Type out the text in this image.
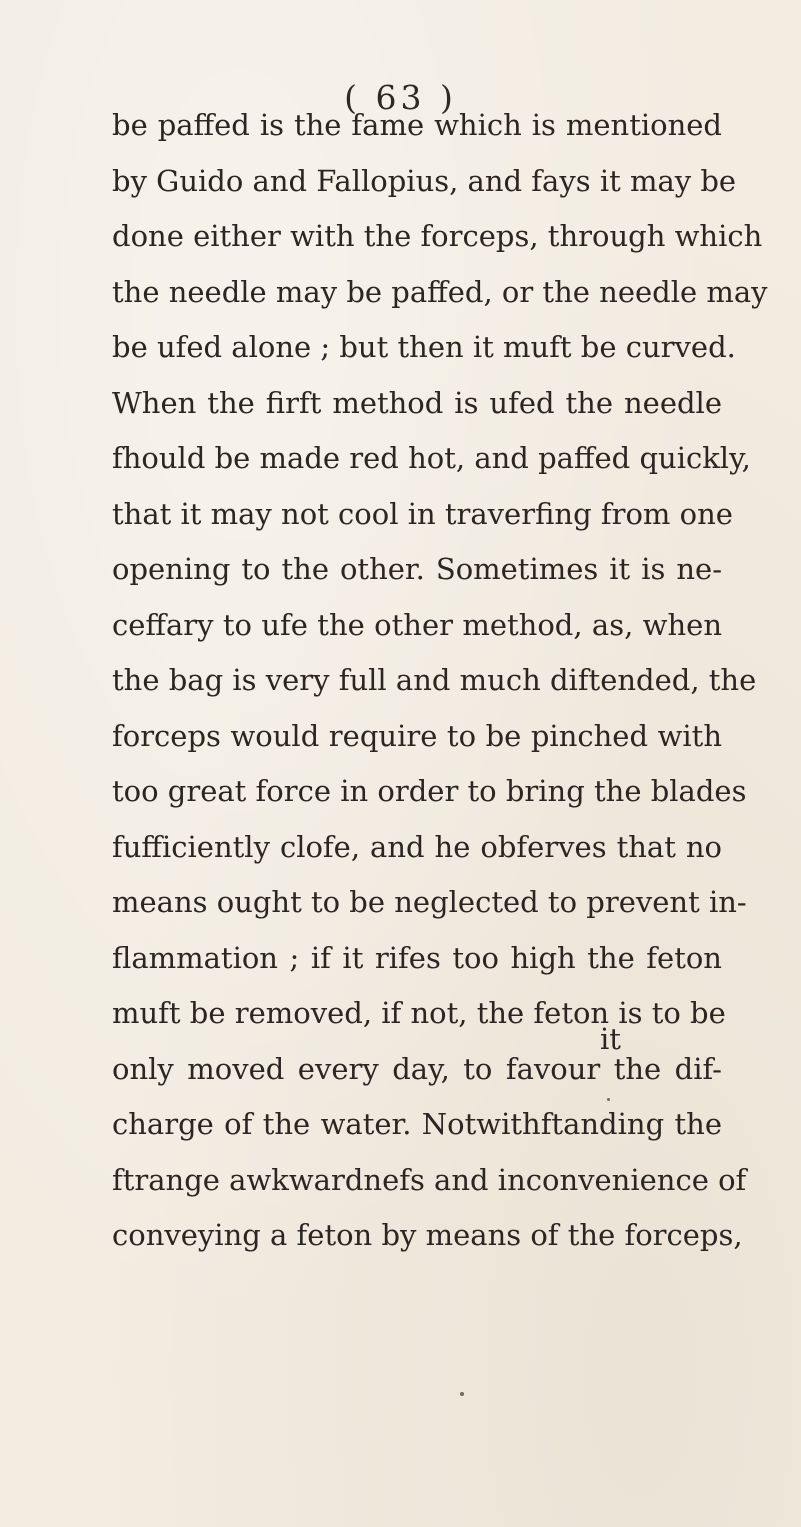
( 63 )
be paffed is the fame which is mentioned
by Guido and Fallopius, and fays it may be
done either with the forceps, through which
the needle may be paffed, or the needle may
be ufed alone ; but then it muft be curved.
When the firft method is ufed the needle
fhould be made red hot, and paffed quickly,
that it may not cool in traverfing from one
opening to the other. Sometimes it is ne-
ceffary to ufe the other method, as, when
the bag is very full and much diftended, the
forceps would require to be pinched with
too great force in order to bring the blades
fufficiently clofe, and he obferves that no
means ought to be neglected to prevent in-
flammation ; if it rifes too high the feton
muft be removed, if not, the feton is to be
only moved every day, to favour the dif-
charge of the water. Notwithftanding the
ftrange awkwardnefs and inconvenience of
conveying a feton by means of the forceps,
it
